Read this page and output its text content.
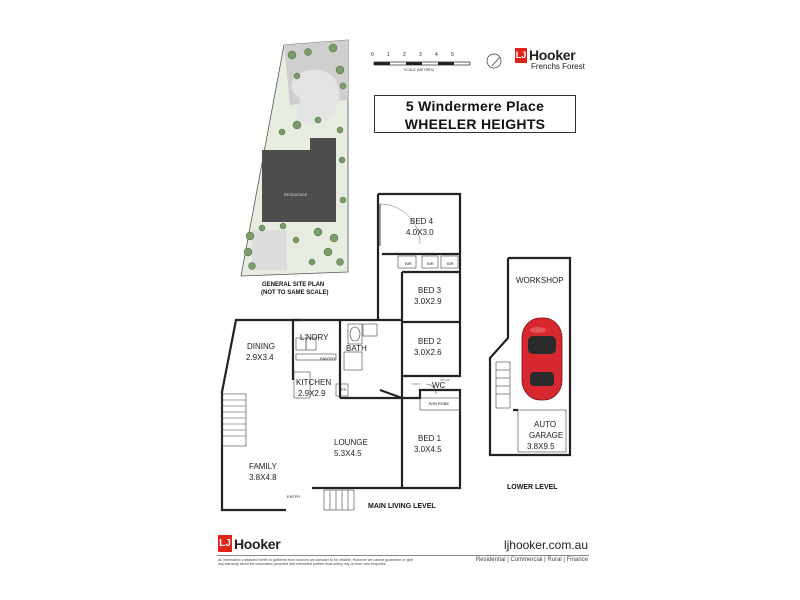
5 Windermere Place
WHEELER HEIGHTS
0	1	2	3	4	5
SCALE (METRES)
LJ Hooker
Frenchs Forest
RESIDENCE
GENERAL SITE PLAN
(NOT TO SAME SCALE)
BED 4
4.0X3.0
BIR	BIR	BIR
BED 3
3.0X2.9
BED 2
3.0X2.6
WC
B/IN ROBE
BED 1
3.0X4.5
DINING
2.9X3.4
L'NDRY
BATH
PANTRY
FR
KITCHEN
2.9X2.9
LOUNGE
5.3X4.5
FAMILY
3.8X4.8
ENTRY
MAIN LIVING LEVEL
WORKSHOP
AUTO
GARAGE
3.8X9.5
LOWER LEVEL
LJ Hooker	ljhooker.com.au
Residential | Commercial | Rural | Finance
All information contained herein is gathered from sources we consider to be reliable. However we cannot guarantee or give any warranty about the information provided and interested parties must solely rely on their own enquiries.
